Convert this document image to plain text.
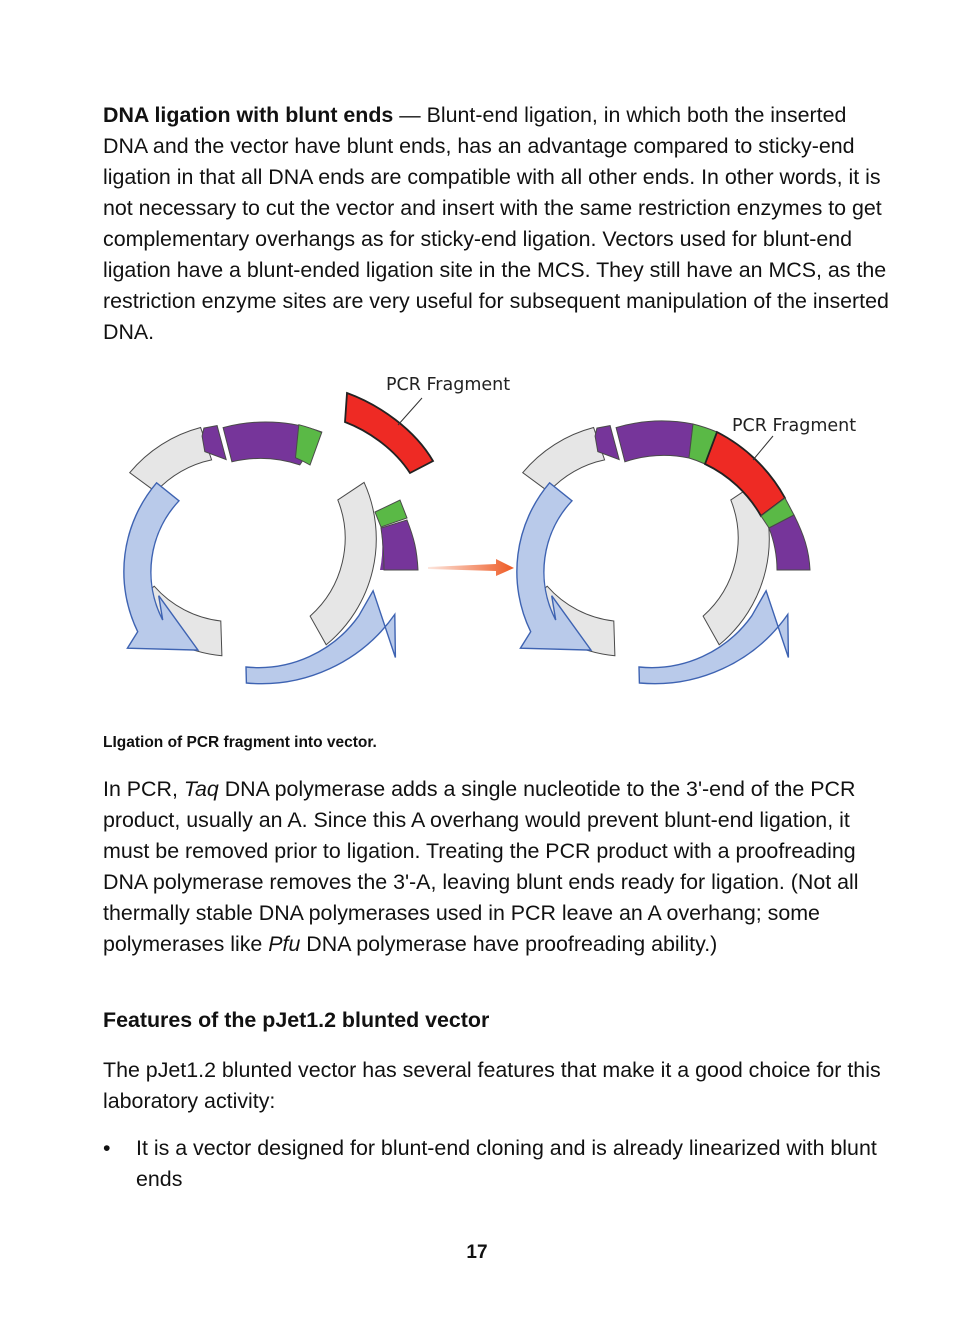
DNA ligation with blunt ends — Blunt-end ligation, in which both the inserted DNA and the vector have blunt ends, has an advantage compared to sticky-end ligation in that all DNA ends are compatible with all other ends. In other words, it is not necessary to cut the vector and insert with the same restriction enzymes to get complementary overhangs as for sticky-end ligation. Vectors used for blunt-end ligation have a blunt-ended ligation site in the MCS. They still have an MCS, as the restriction enzyme sites are very useful for subsequent manipulation of the inserted DNA.

PCR Fragment
PCR Fragment

LIgation of PCR fragment into vector.

In PCR, Taq DNA polymerase adds a single nucleotide to the 3'-end of the PCR product, usually an A. Since this A overhang would prevent blunt-end ligation, it must be removed prior to ligation. Treating the PCR product with a proofreading DNA polymerase removes the 3'-A, leaving blunt ends ready for ligation. (Not all thermally stable DNA polymerases used in PCR leave an A overhang; some polymerases like Pfu DNA polymerase have proofreading ability.)

Features of the pJet1.2 blunted vector

The pJet1.2 blunted vector has several features that make it a good choice for this laboratory activity:

• It is a vector designed for blunt-end cloning and is already linearized with blunt ends

17
